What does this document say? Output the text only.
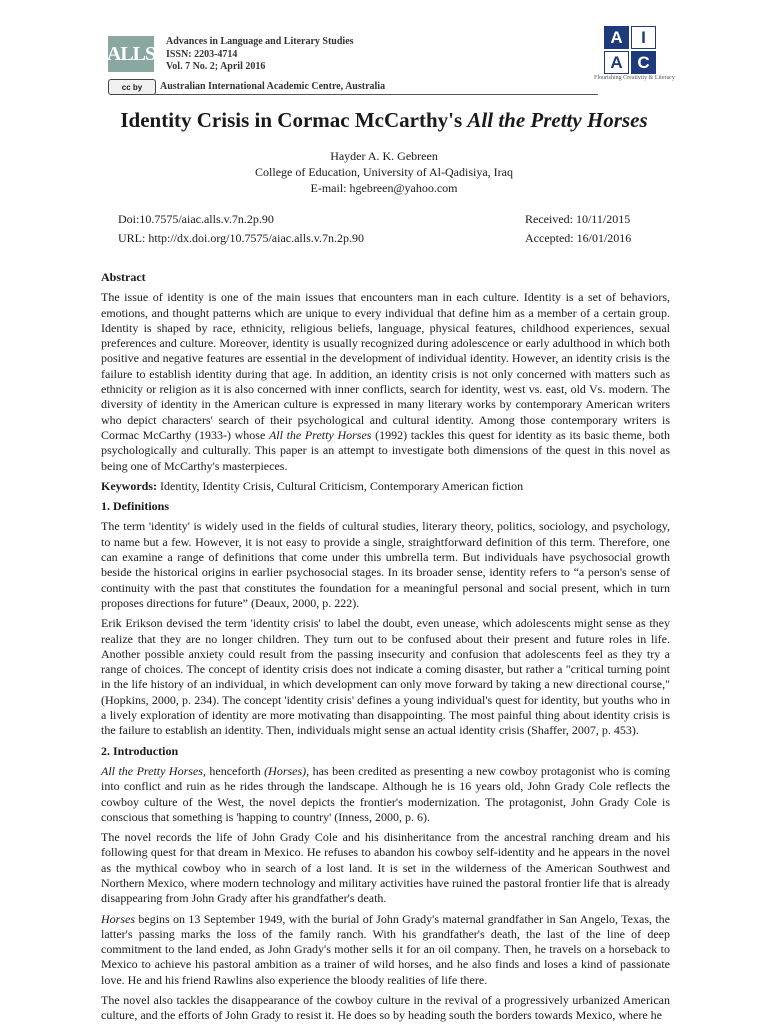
ALLS
Advances in Language and Literary Studies
ISSN: 2203-4714
Vol. 7 No. 2; April 2016
cc by	Australian International Academic Centre, Australia
A	I
A C
Flourishing Creativity & Literacy
Identity Crisis in Cormac McCarthy's All the Pretty Horses
Hayder A. K. Gebreen
College of Education, University of Al-Qadisiya, Iraq
E-mail: hgebreen@yahoo.com
Doi:10.7575/aiac.alls.v.7n.2p.90
URL: http://dx.doi.org/10.7575/aiac.alls.v.7n.2p.90
Received: 10/11/2015
Accepted: 16/01/2016
Abstract

The issue of identity is one of the main issues that encounters man in each culture. Identity is a set of behaviors, emotions, and thought patterns which are unique to every individual that define him as a member of a certain group. Identity is shaped by race, ethnicity, religious beliefs, language, physical features, childhood experiences, sexual preferences and culture. Moreover, identity is usually recognized during adolescence or early adulthood in which both positive and negative features are essential in the development of individual identity. However, an identity crisis is the failure to establish identity during that age. In addition, an identity crisis is not only concerned with matters such as ethnicity or religion as it is also concerned with inner conflicts, search for identity, west vs. east, old Vs. modern. The diversity of identity in the American culture is expressed in many literary works by contemporary American writers who depict characters' search of their psychological and cultural identity. Among those contemporary writers is Cormac McCarthy (1933-) whose All the Pretty Horses (1992) tackles this quest for identity as its basic theme, both psychologically and culturally. This paper is an attempt to investigate both dimensions of the quest in this novel as being one of McCarthy's masterpieces.

Keywords: Identity, Identity Crisis, Cultural Criticism, Contemporary American fiction
1. Definitions

The term 'identity' is widely used in the fields of cultural studies, literary theory, politics, sociology, and psychology, to name but a few. However, it is not easy to provide a single, straightforward definition of this term. Therefore, one can examine a range of definitions that come under this umbrella term. But individuals have psychosocial growth beside the historical origins in earlier psychosocial stages. In its broader sense, identity refers to “a person's sense of continuity with the past that constitutes the foundation for a meaningful personal and social present, which in turn proposes directions for future” (Deaux, 2000, p. 222).

Erik Erikson devised the term 'identity crisis' to label the doubt, even unease, which adolescents might sense as they realize that they are no longer children. They turn out to be confused about their present and future roles in life. Another possible anxiety could result from the passing insecurity and confusion that adolescents feel as they try a range of choices. The concept of identity crisis does not indicate a coming disaster, but rather a "critical turning point in the life history of an individual, in which development can only move forward by taking a new directional course," (Hopkins, 2000, p. 234). The concept 'identity crisis' defines a young individual's quest for identity, but youths who in a lively exploration of identity are more motivating than disappointing. The most painful thing about identity crisis is the failure to establish an identity. Then, individuals might sense an actual identity crisis (Shaffer, 2007, p. 453).

2. Introduction

All the Pretty Horses, henceforth (Horses), has been credited as presenting a new cowboy protagonist who is coming into conflict and ruin as he rides through the landscape. Although he is 16 years old, John Grady Cole reflects the cowboy culture of the West, the novel depicts the frontier's modernization. The protagonist, John Grady Cole is conscious that something is 'happing to country' (Inness, 2000, p. 6).

The novel records the life of John Grady Cole and his disinheritance from the ancestral ranching dream and his following quest for that dream in Mexico. He refuses to abandon his cowboy self-identity and he appears in the novel as the mythical cowboy who in search of a lost land. It is set in the wilderness of the American Southwest and Northern Mexico, where modern technology and military activities have ruined the pastoral frontier life that is already disappearing from John Grady after his grandfather's death.

Horses begins on 13 September 1949, with the burial of John Grady's maternal grandfather in San Angelo, Texas, the latter's passing marks the loss of the family ranch. With his grandfather's death, the last of the line of deep commitment to the land ended, as John Grady's mother sells it for an oil company. Then, he travels on a horseback to Mexico to achieve his pastoral ambition as a trainer of wild horses, and he also finds and loses a kind of passionate love. He and his friend Rawlins also experience the bloody realities of life there.

The novel also tackles the disappearance of the cowboy culture in the revival of a progressively urbanized American culture, and the efforts of John Grady to resist it. He does so by heading south the borders towards Mexico, where he
